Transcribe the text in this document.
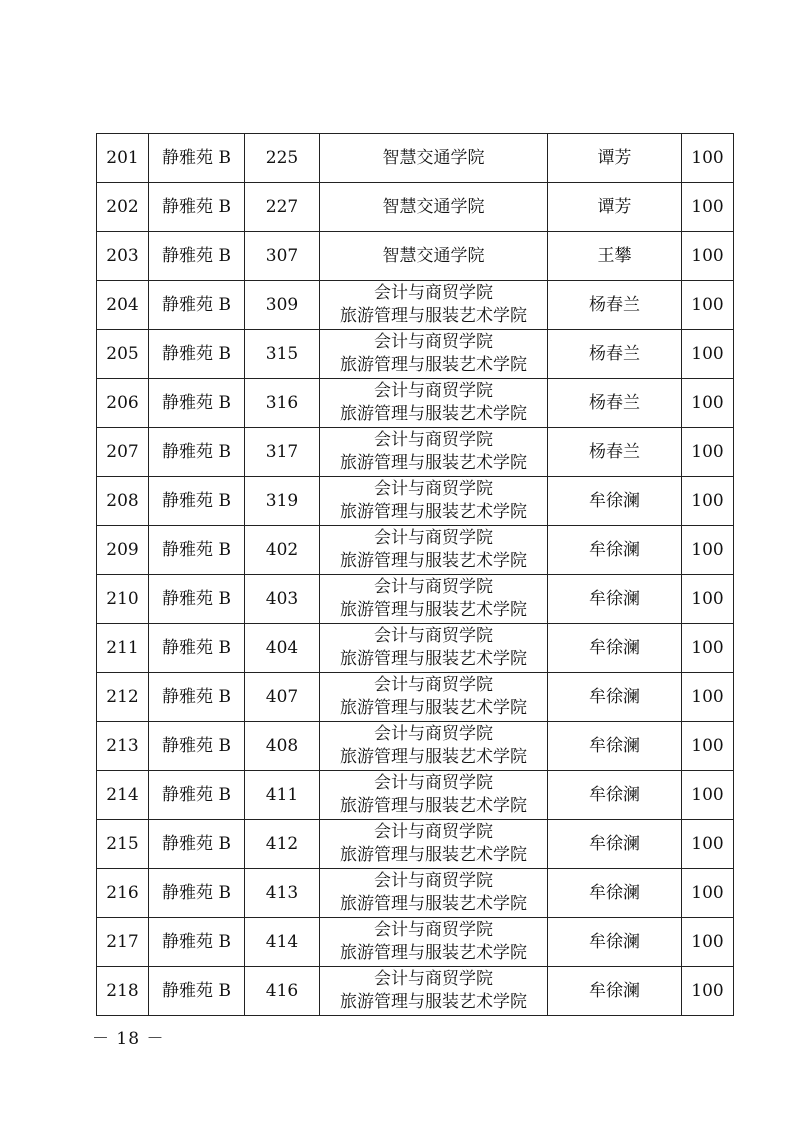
201	静雅苑 B	225	智慧交通学院	谭芳	100
202	静雅苑 B	227	智慧交通学院	谭芳	100
203	静雅苑 B	307	智慧交通学院	王攀	100
204	静雅苑 B	309	会计与商贸学院
旅游管理与服装艺术学院	杨春兰	100
205	静雅苑 B	315	会计与商贸学院
旅游管理与服装艺术学院	杨春兰	100
206	静雅苑 B	316	会计与商贸学院
旅游管理与服装艺术学院	杨春兰	100
207	静雅苑 B	317	会计与商贸学院
旅游管理与服装艺术学院	杨春兰	100
208	静雅苑 B	319	会计与商贸学院
旅游管理与服装艺术学院	牟徐澜	100
209	静雅苑 B	402	会计与商贸学院
旅游管理与服装艺术学院	牟徐澜	100
210	静雅苑 B	403	会计与商贸学院
旅游管理与服装艺术学院	牟徐澜	100
211	静雅苑 B	404	会计与商贸学院
旅游管理与服装艺术学院	牟徐澜	100
212	静雅苑 B	407	会计与商贸学院
旅游管理与服装艺术学院	牟徐澜	100
213	静雅苑 B	408	会计与商贸学院
旅游管理与服装艺术学院	牟徐澜	100
214	静雅苑 B	411	会计与商贸学院
旅游管理与服装艺术学院	牟徐澜	100
215	静雅苑 B	412	会计与商贸学院
旅游管理与服装艺术学院	牟徐澜	100
216	静雅苑 B	413	会计与商贸学院
旅游管理与服装艺术学院	牟徐澜	100
217	静雅苑 B	414	会计与商贸学院
旅游管理与服装艺术学院	牟徐澜	100
218	静雅苑 B	416	会计与商贸学院
旅游管理与服装艺术学院	牟徐澜	100
－ 18 －
